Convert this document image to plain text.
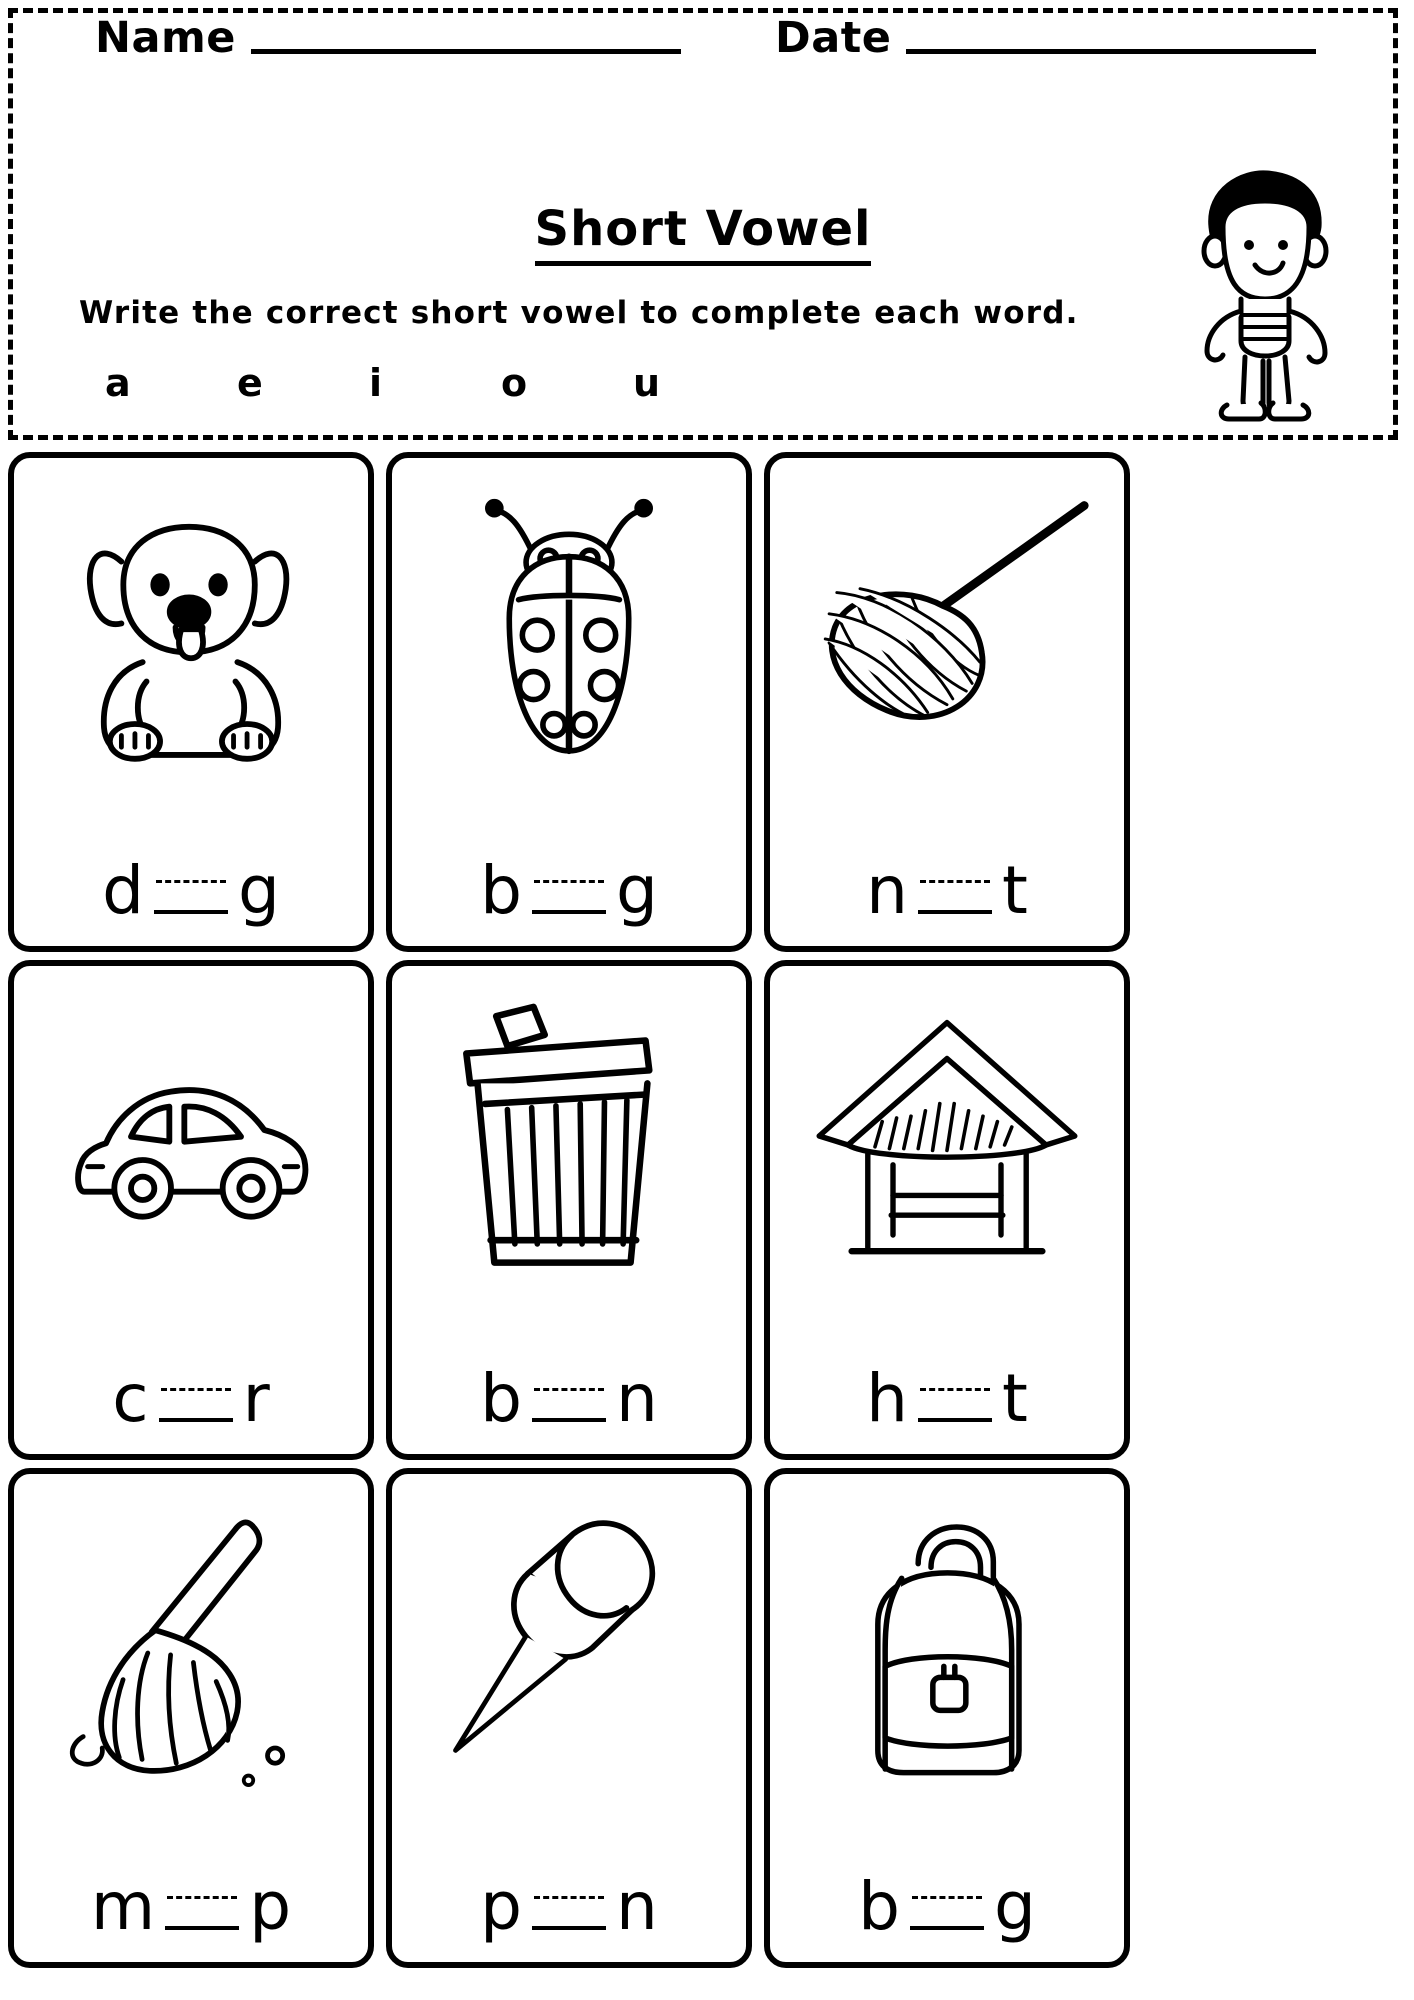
Name	Date
Short Vowel
Write the correct short vowel to complete each word.
a	e	i	o	u
d g	b g	n t
c r	b n	h t
m p	p n	b g
